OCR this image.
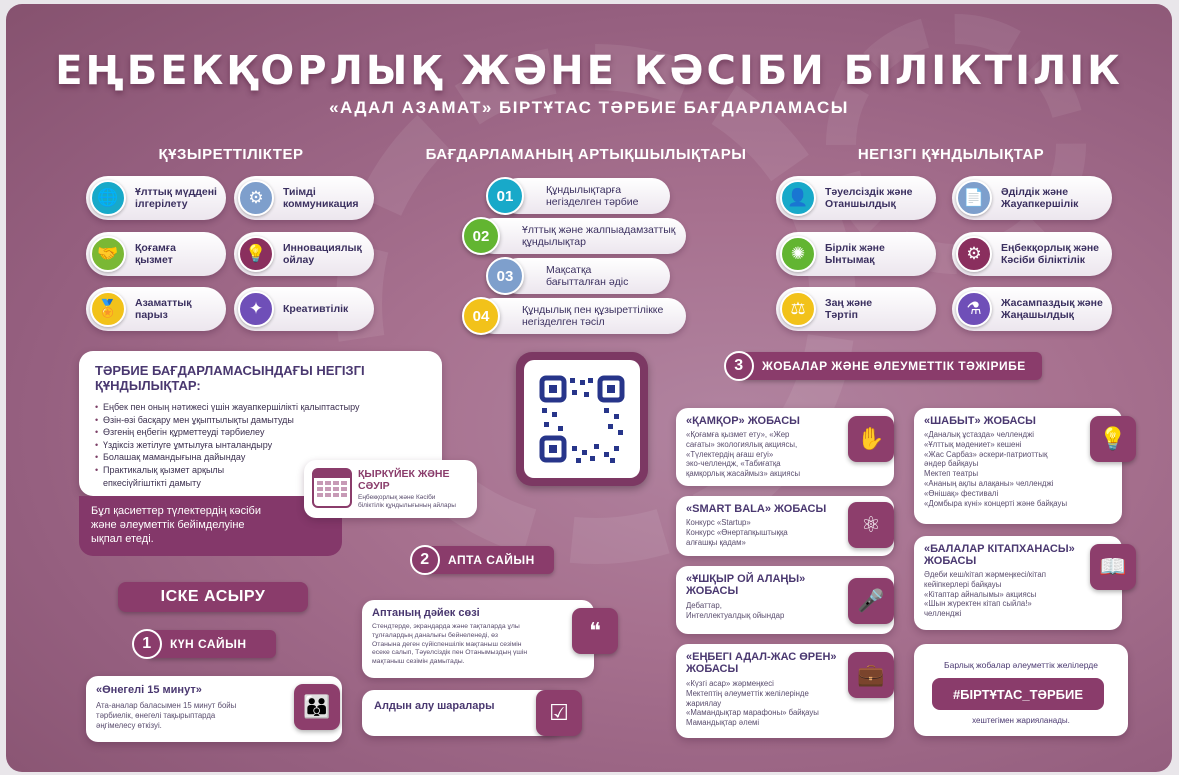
ЕҢБЕКҚОРЛЫҚ ЖӘНЕ КӘСІБИ БІЛІКТІЛІК
«АДАЛ АЗАМАТ» БІРТҰТАС ТӘРБИЕ БАҒДАРЛАМАСЫ
ҚҰЗЫРЕТТІЛІКТЕР	БАҒДАРЛАМАНЫҢ АРТЫҚШЫЛЫҚТАРЫ	НЕГІЗГІ ҚҰНДЫЛЫҚТАР
ТӘРБИЕ БАҒДАРЛАМАСЫНДАҒЫ НЕГІЗГІ ҚҰНДЫЛЫҚТАР:
• Еңбек пен оның нәтижесі үшін жауапкершілікті қалыптастыру
• Өзін-өзі басқару мен ұқыптылықты дамытуды
• Өзгенің еңбегін құрметтеуді тәрбиелеу
• Үздіксіз жетілуге ұмтылуға ынталандыру
• Болашақ мамандығына дайындау
• Практикалық қызмет арқылы
епкесіүйгіштікті дамыту
Бұл қасиеттер түлектердің кәсіби
және әлеуметтік бейімделуіне
ықпал етеді.
ҚЫРКҮЙЕК ЖӘНЕ
СӘУІР
Еңбекқорлық және Кәсіби
біліктілік құндылығының айлары
ІСКЕ АСЫРУ
1	КҮН САЙЫН
2	АПТА САЙЫН
3	ЖОБАЛАР ЖӘНЕ ӘЛЕУМЕТТІК ТӘЖІРИБЕ
«Өнегелі 15 минут»
Ата-аналар баласымен 15 минут бойы
тәрбиелік, өнегелі тақырыптарда
әңгімелесу өткізуі.
👪
Аптаның дәйек сөзі
Стендтерде, экрандарда және тақталарда ұлы
тұлғалардың даналығы бейнеленеді, өз
Отанына деген сүйіспеншілік мақтаныш сезімін
есеке салып, Тәуелсіздік пен Отанымыздың үшін
мақтаныш сезімін дамытады.
❝
Алдын алу шаралары	☑
«ҚАМҚОР» ЖОБАСЫ
«Қоғамға қызмет ету», «Жер
сағаты» экологиялық акциясы,
«Түлектердің ағаш егуі»
эко-челлендж, «Табиғатқа
қамқорлық жасаймыз» акциясы
✋
«SMART BALA» ЖОБАСЫ
Конкурс «Startup»
Конкурс «Өнертапқыштыққа
алғашқы қадам»
⚛
«ҰШҚЫР ОЙ АЛАҢЫ»
ЖОБАСЫ
Дебаттар,
Интеллектуалдық ойындар
🎤
«ЕҢБЕГІ АДАЛ-ЖАС ӨРЕН»
ЖОБАСЫ
«Күзгі асар» жәрмеңкесі
Мектептің әлеуметтік желілерінде
жариялау
«Мамандықтар марафоны» байқауы
Мамандықтар әлемі
💼
«ШАБЫТ» ЖОБАСЫ
«Даналық ұстазда» челленджі
«Ұлттық мәдениет» кешені
«Жас Сарбаз» әскери-патриоттық
әндер байқауы
Мектеп театры
«Ананың ақлы алақаны» челленджі
«Өнішақ» фестивалі
«Домбыра күні» концерті және байқауы
💡
«БАЛАЛАР КІТАПХАНАСЫ»
ЖОБАСЫ
Әдеби кеш/кітап жәрмеңкесі/кітап
кейіпкерлері байқауы
«Кітаптар айналымы» акциясы
«Шын жүректен кітап сыйла!»
челленджі
📖
Барлық жобалар әлеуметтік желілерде
хештегімен жарияланады.
#БІРТҰТАС_ТӘРБИЕ
🌐	Ұлттық мүддені
ілгерілету	⚙	Тиімді
коммуникация
🤝	Қоғамға
қызмет	💡	Инновациялық
ойлау
🏅	Азаматтық
парыз	✦	Креативтілік
Құндылықтарға
негізделген тәрбие
01
Ұлттық және жалпыадамзаттық
құндылықтар
02
Мақсатқа
бағытталған әдіс
03
Құндылық пен құзыреттілікке
негізделген тәсіл
04
👤	Тәуелсіздік және
Отаншылдық	📄	Әділдік және
Жауапкершілік
✺	Бірлік және
Ынтымақ	⚙	Еңбекқорлық және
Кәсіби біліктілік
⚖	Заң және
Тәртіп	⚗	Жасампаздық және
Жаңашылдық
